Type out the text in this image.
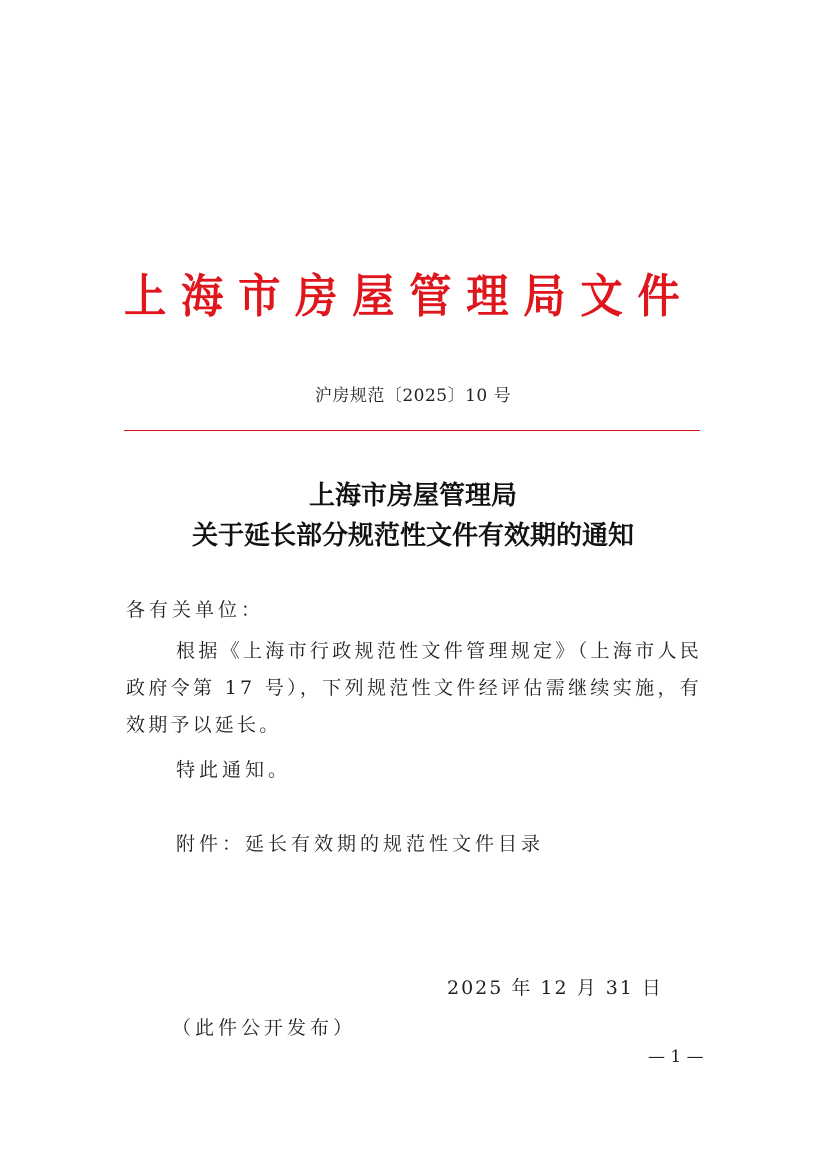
上海市房屋管理局文件
沪房规范〔2025〕10 号
上海市房屋管理局
关于延长部分规范性文件有效期的通知
各有关单位：
根据《上海市行政规范性文件管理规定》（上海市人民政府令第 17 号），下列规范性文件经评估需继续实施，有效期予以延长。
特此通知。
附件：延长有效期的规范性文件目录
2025 年 12 月 31 日
（此件公开发布）
— 1 —
